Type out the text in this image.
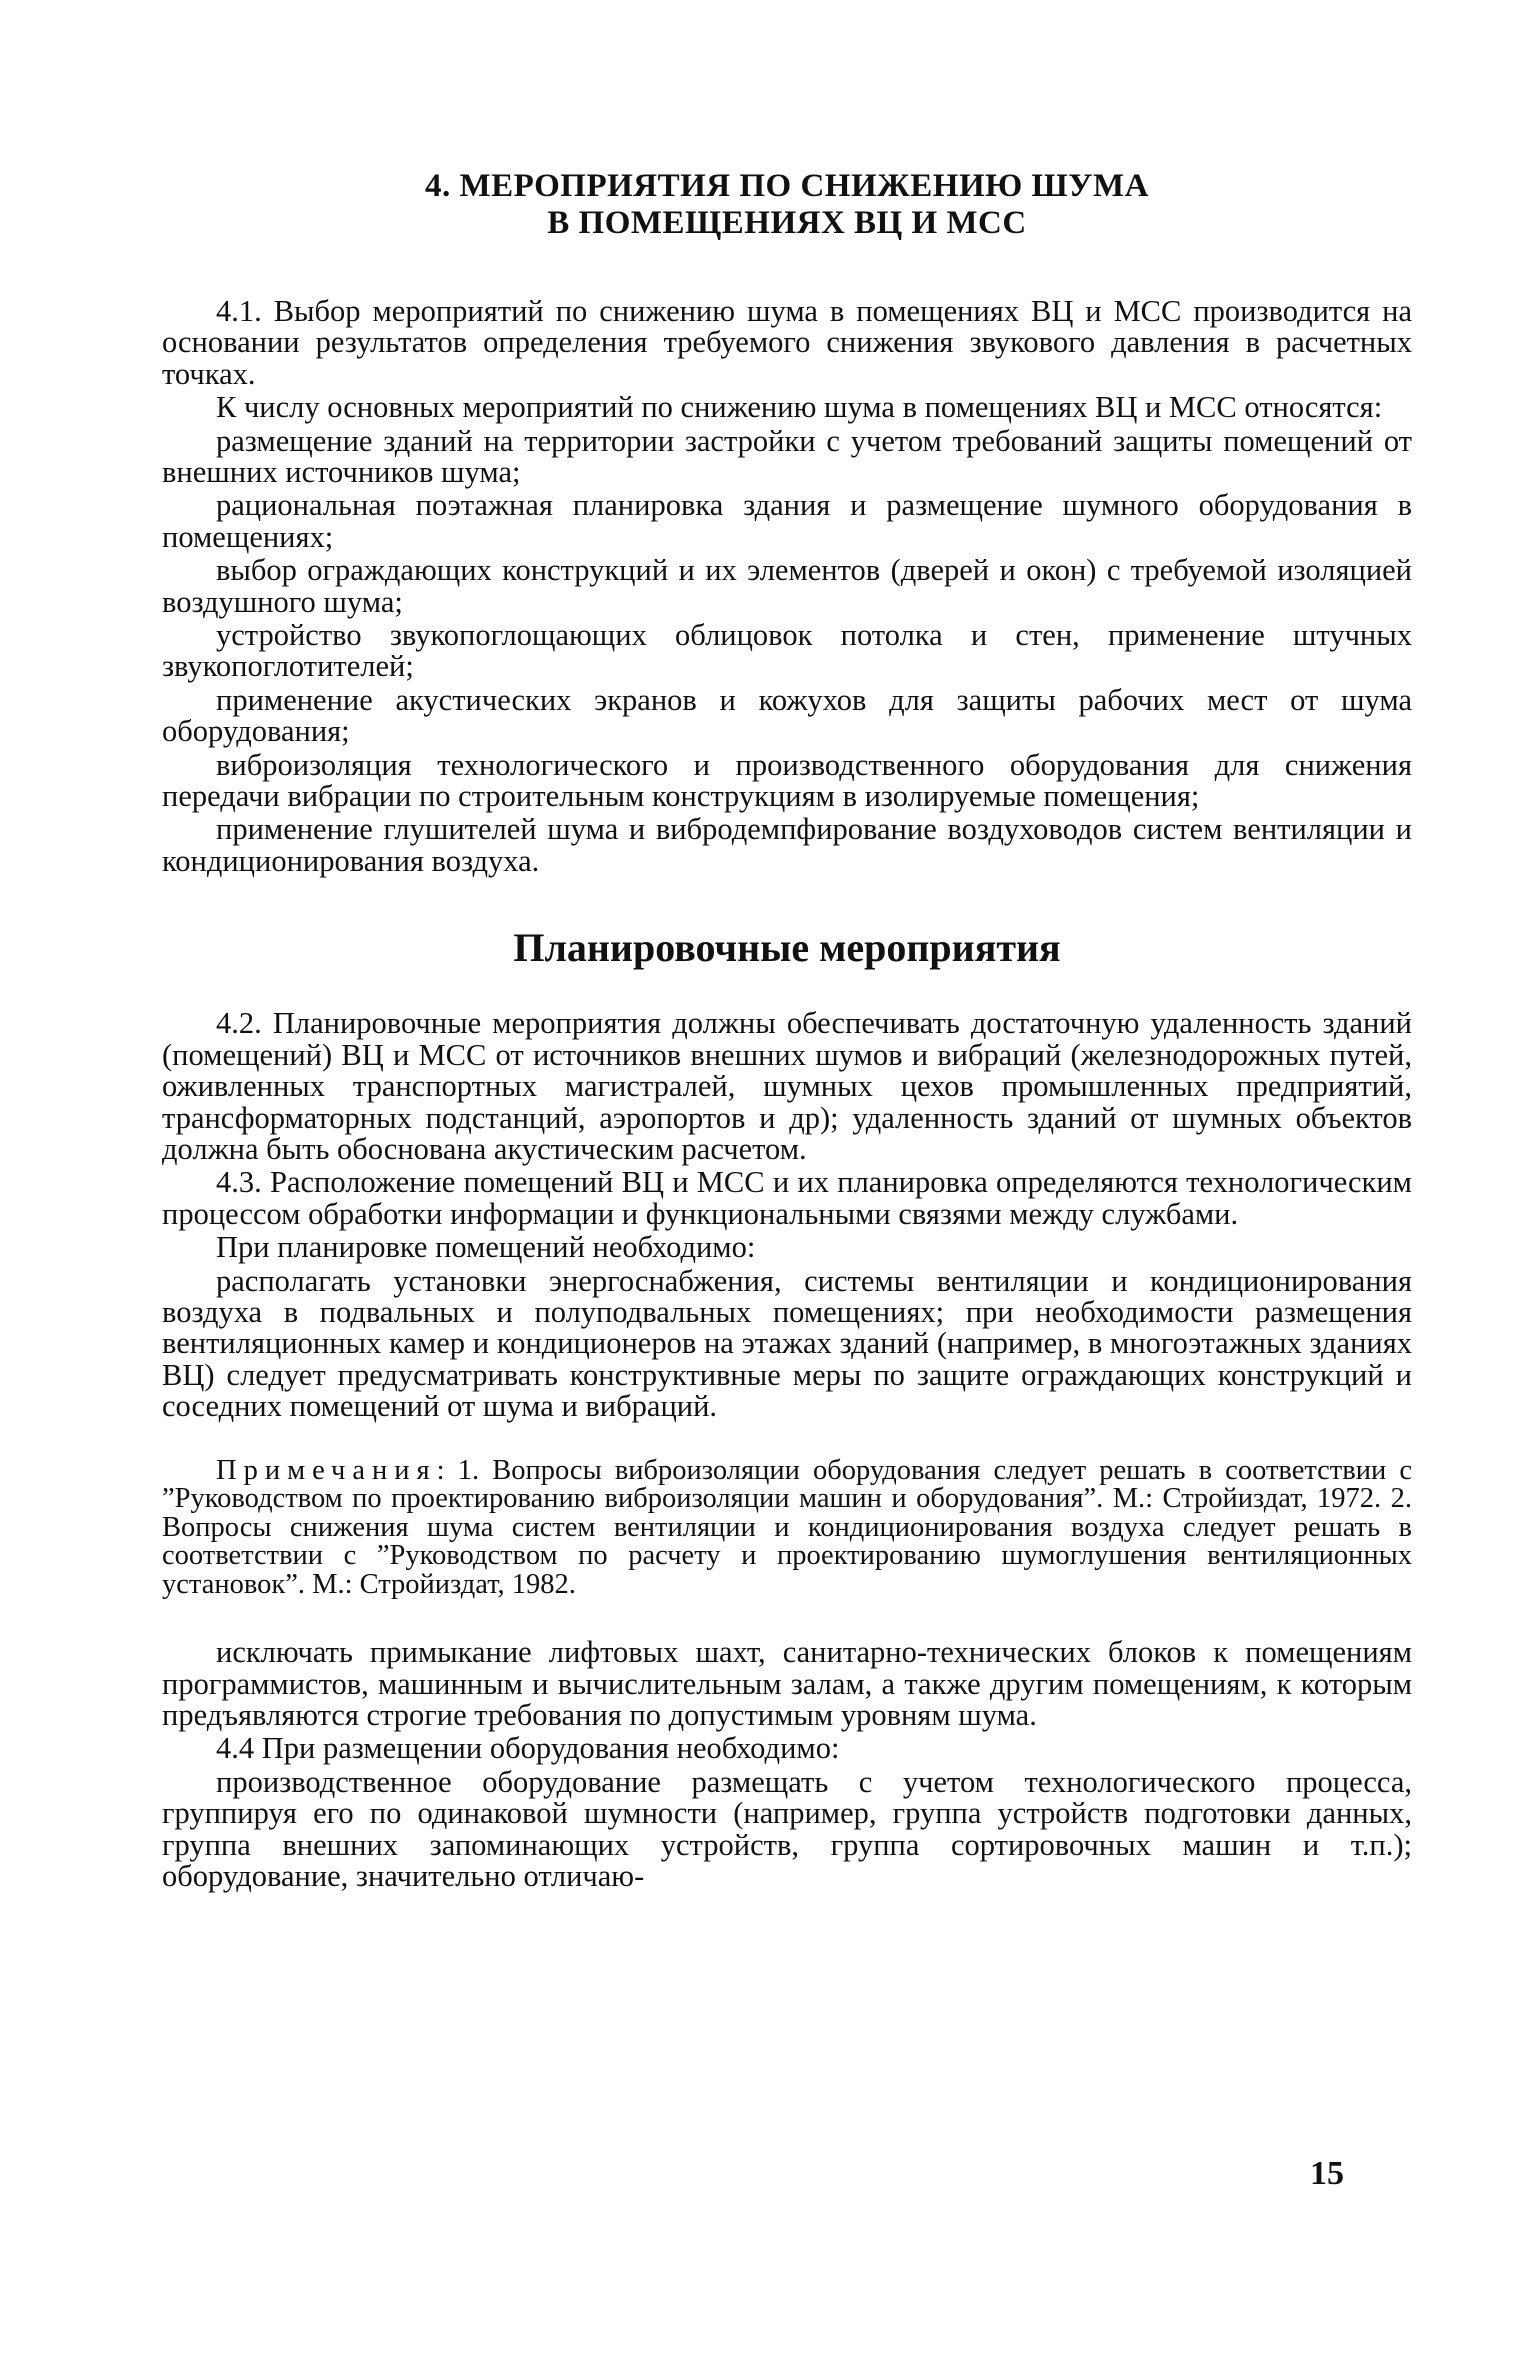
4. МЕРОПРИЯТИЯ ПО СНИЖЕНИЮ ШУМА
В ПОМЕЩЕНИЯХ ВЦ И МСС

4.1. Выбор мероприятий по снижению шума в помещениях ВЦ и МСС производится на основании результатов определения требуемого снижения звукового давления в расчетных точках.

К числу основных мероприятий по снижению шума в помещениях ВЦ и МСС относятся:

размещение зданий на территории застройки с учетом требований защиты помещений от внешних источников шума;

рациональная поэтажная планировка здания и размещение шумного оборудования в помещениях;

выбор ограждающих конструкций и их элементов (дверей и окон) с требуемой изоляцией воздушного шума;

устройство звукопоглощающих облицовок потолка и стен, применение штучных звукопоглотителей;

применение акустических экранов и кожухов для защиты рабочих мест от шума оборудования;

виброизоляция технологического и производственного оборудования для снижения передачи вибрации по строительным конструкциям в изолируемые помещения;

применение глушителей шума и вибродемпфирование воздуховодов систем вентиляции и кондиционирования воздуха.

Планировочные мероприятия

4.2. Планировочные мероприятия должны обеспечивать достаточную удаленность зданий (помещений) ВЦ и МСС от источников внешних шумов и вибраций (железнодорожных путей, оживленных транспортных магистралей, шумных цехов промышленных предприятий, трансформаторных подстанций, аэропортов и др); удаленность зданий от шумных объектов должна быть обоснована акустическим расчетом.

4.3. Расположение помещений ВЦ и МСС и их планировка определяются технологическим процессом обработки информации и функциональными связями между службами.

При планировке помещений необходимо:

располагать установки энергоснабжения, системы вентиляции и кондиционирования воздуха в подвальных и полуподвальных помещениях; при необходимости размещения вентиляционных камер и кондиционеров на этажах зданий (например, в многоэтажных зданиях ВЦ) следует предусматривать конструктивные меры по защите ограждающих конструкций и соседних помещений от шума и вибраций.

Примечания: 1. Вопросы виброизоляции оборудования следует решать в соответствии с ”Руководством по проектированию виброизоляции машин и оборудования”. М.: Стройиздат, 1972. 2. Вопросы снижения шума систем вентиляции и кондиционирования воздуха следует решать в соответствии с ”Руководством по расчету и проектированию шумоглушения вентиляционных установок”. М.: Стройиздат, 1982.

исключать примыкание лифтовых шахт, санитарно-технических блоков к помещениям программистов, машинным и вычислительным залам, а также другим помещениям, к которым предъявляются строгие требования по допустимым уровням шума.

4.4 При размещении оборудования необходимо:

производственное оборудование размещать с учетом технологического процесса, группируя его по одинаковой шумности (например, группа устройств подготовки данных, группа внешних запоминающих устройств, группа сортировочных машин и т.п.); оборудование, значительно отличаю-

15
